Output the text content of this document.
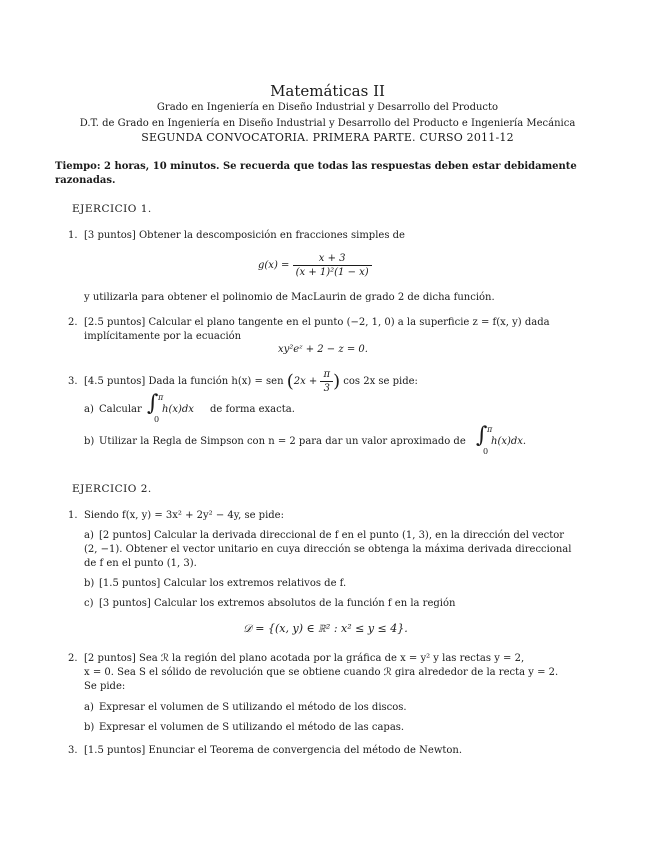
Matemáticas II
Grado en Ingeniería en Diseño Industrial y Desarrollo del Producto
D.T. de Grado en Ingeniería en Diseño Industrial y Desarrollo del Producto e Ingeniería Mecánica
SEGUNDA CONVOCATORIA. PRIMERA PARTE. CURSO 2011-12
Tiempo: 2 horas, 10 minutos. Se recuerda que todas las respuestas deben estar debidamente
razonadas.
EJERCICIO 1.
1. [3 puntos] Obtener la descomposición en fracciones simples de
$g(x) = \frac{x + 3}{\text{(x + 1)²(1 − x)}}$
y utilizarla para obtener el polinomio de MacLaurin de grado 2 de dicha función.
2. [2.5 puntos] Calcular el plano tangente en el punto (−2, 1, 0) a la superficie z = f(x, y) dada
implícitamente por la ecuación
xy²eᶻ + 2 − z = 0.
3. [4.5 puntos] Dada la función h(x) = sen ($2x + \frac{\pi}{3}$ ) cos 2x se pide:
a) Calcular ∫ π
0
h(x)dx de forma exacta.
b) Utilizar la Regla de Simpson con n = 2 para dar un valor aproximado de ∫ π
0
h(x)dx.
EJERCICIO 2.
1. Siendo f(x, y) = 3x² + 2y² − 4y, se pide:
a) [2 puntos] Calcular la derivada direccional de f en el punto (1, 3), en la dirección del vector
(2, −1). Obtener el vector unitario en cuya dirección se obtenga la máxima derivada direccional
de f en el punto (1, 3).
b) [1.5 puntos] Calcular los extremos relativos de f.
c) [3 puntos] Calcular los extremos absolutos de la función f en la región
𝒟 = {(x, y) ∈ ℝ² : x² ≤ y ≤ 4}.
2. [2 puntos] Sea ℛ la región del plano acotada por la gráfica de x = y² y las rectas y = 2,
x = 0. Sea S el sólido de revolución que se obtiene cuando ℛ gira alrededor de la recta y = 2.
Se pide:
a) Expresar el volumen de S utilizando el método de los discos.
b) Expresar el volumen de S utilizando el método de las capas.
3. [1.5 puntos] Enunciar el Teorema de convergencia del método de Newton.
